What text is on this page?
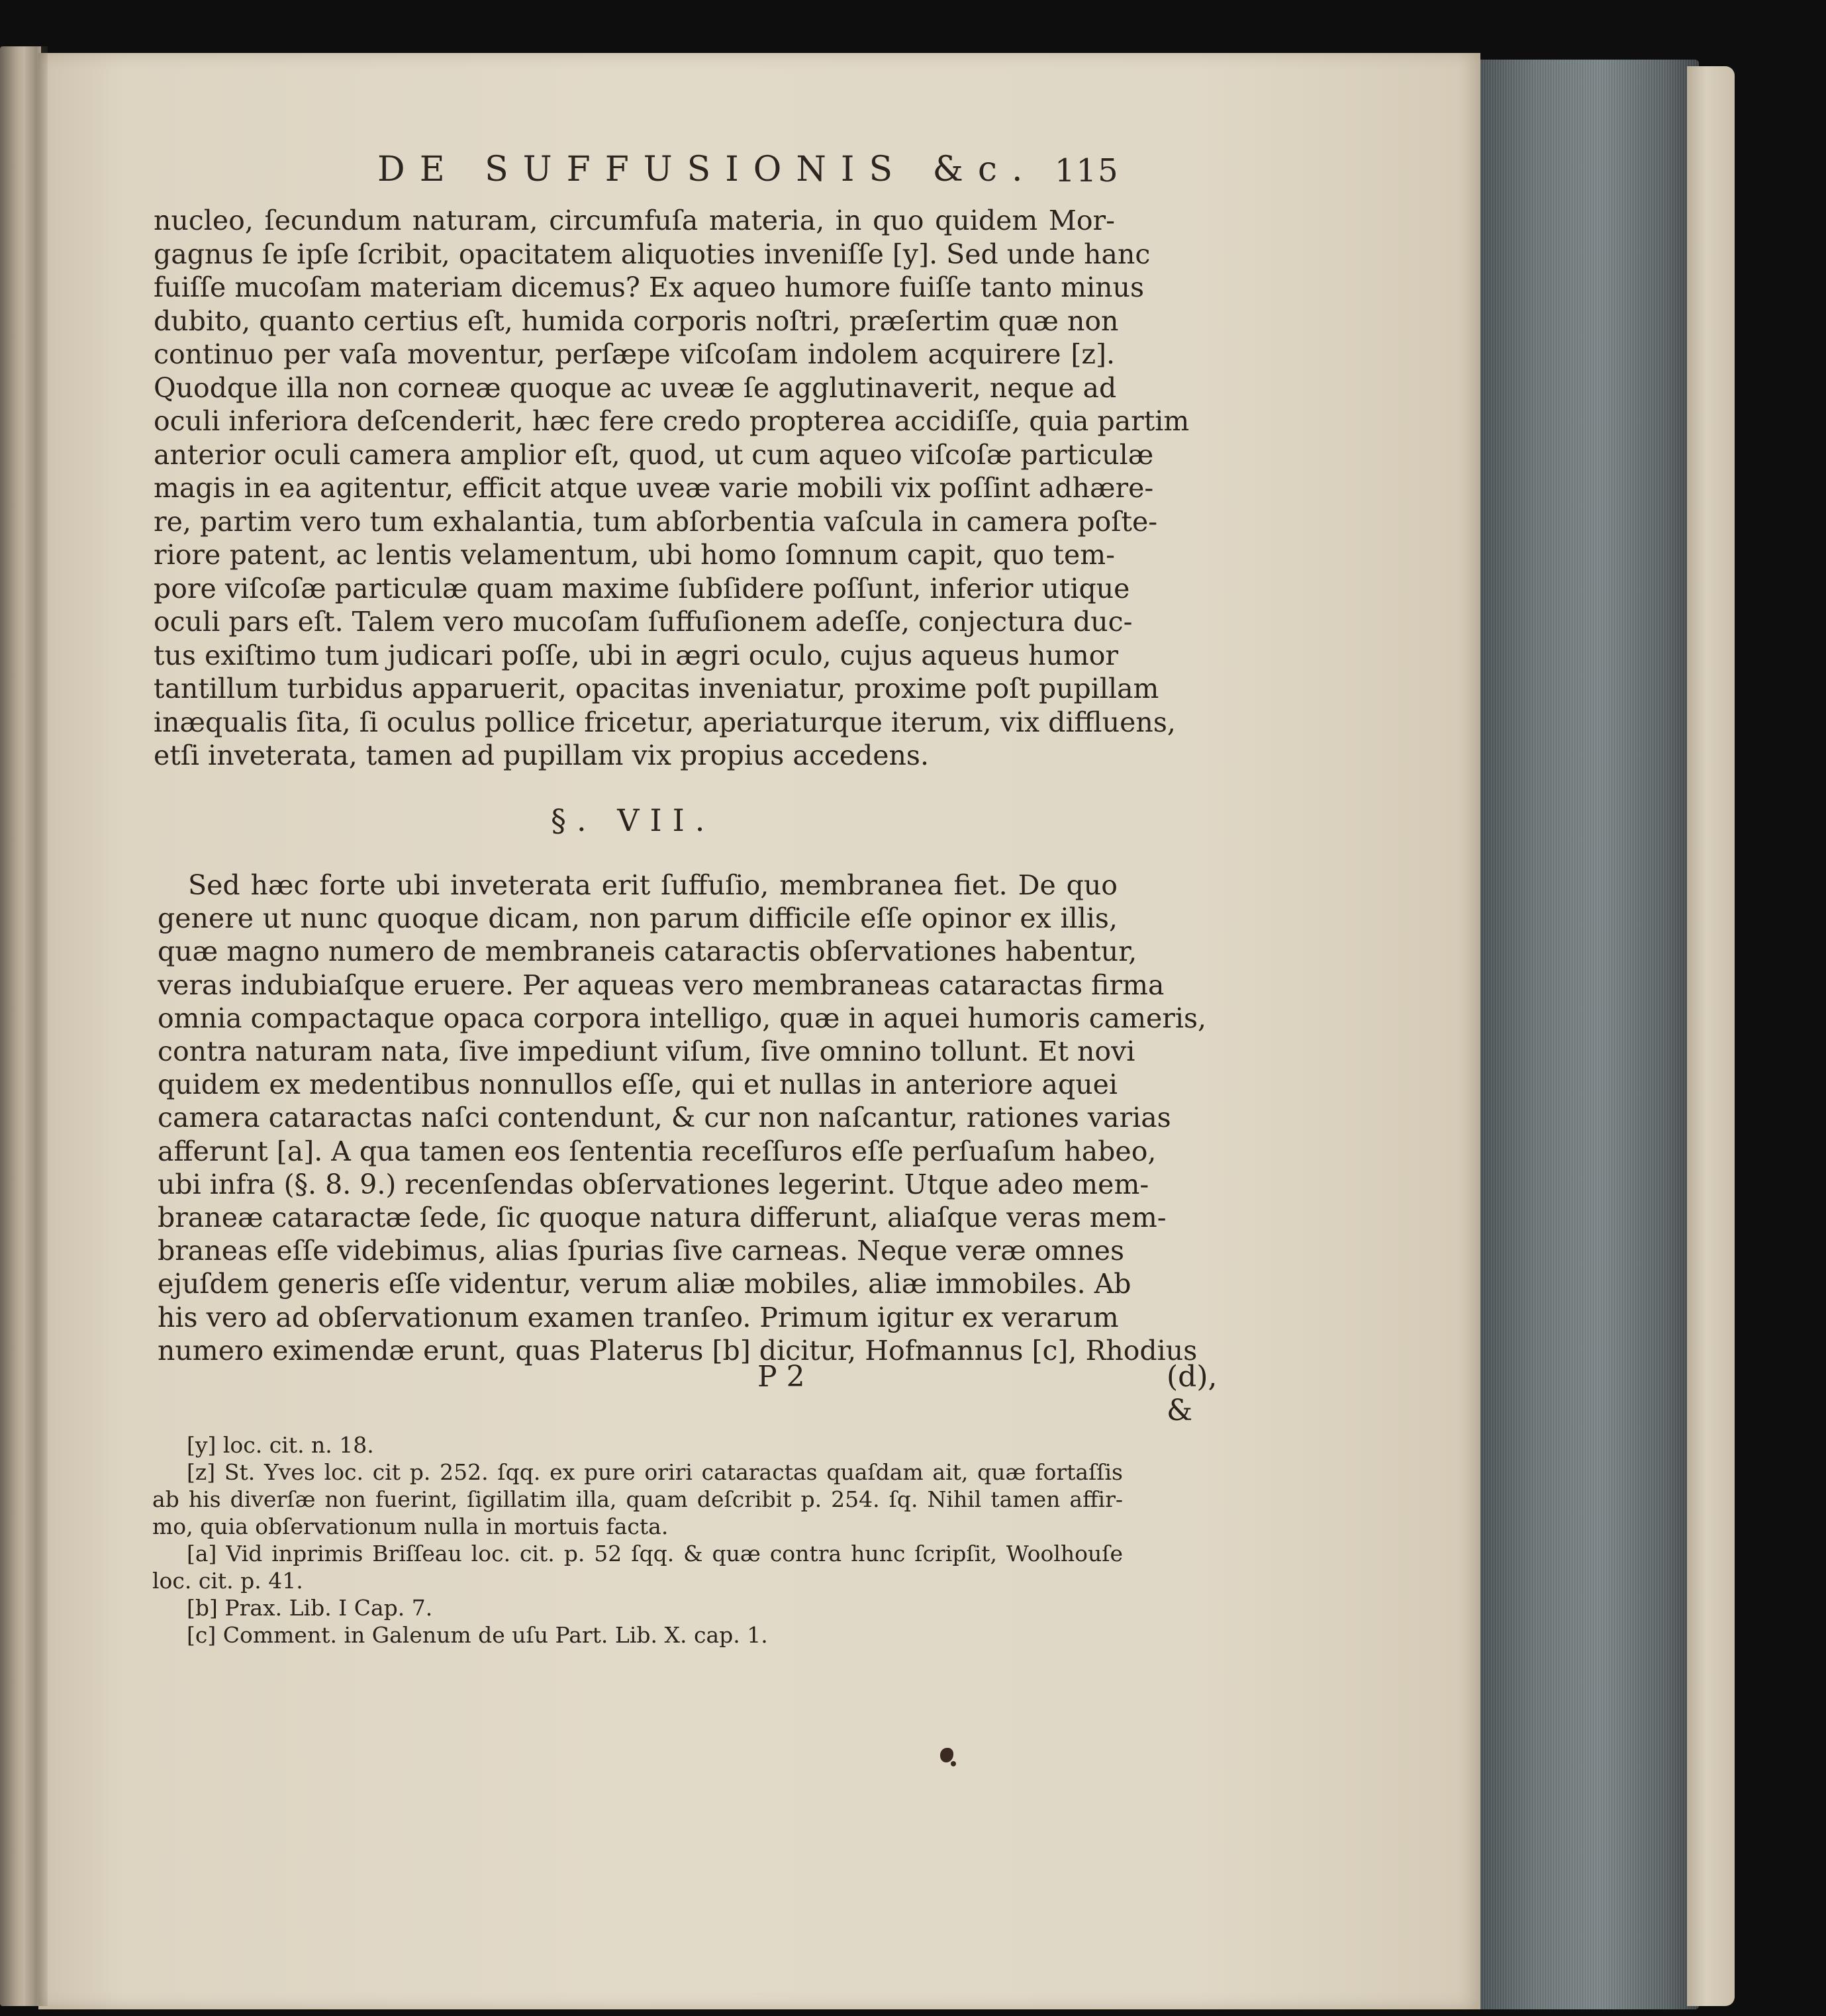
DE SUFFUSIONIS &c. 115

nucleo, ſecundum naturam, circumfuſa materia, in quo quidem Mor-
gagnus ſe ipſe ſcribit, opacitatem aliquoties inveniſſe [y]. Sed unde hanc
fuiſſe mucoſam materiam dicemus? Ex aqueo humore fuiſſe tanto minus
dubito, quanto certius eſt, humida corporis noſtri, præſertim quæ non
continuo per vaſa moventur, perſæpe viſcoſam indolem acquirere [z].
Quodque illa non corneæ quoque ac uveæ ſe agglutinaverit, neque ad
oculi inferiora deſcenderit, hæc fere credo propterea accidiſſe, quia partim
anterior oculi camera amplior eſt, quod, ut cum aqueo viſcoſæ particulæ
magis in ea agitentur, efficit atque uveæ varie mobili vix poſſint adhære-
re, partim vero tum exhalantia, tum abſorbentia vaſcula in camera poſte-
riore patent, ac lentis velamentum, ubi homo ſomnum capit, quo tem-
pore viſcoſæ particulæ quam maxime ſubſidere poſſunt, inferior utique
oculi pars eſt. Talem vero mucoſam ſuffuſionem adeſſe, conjectura duc-
tus exiſtimo tum judicari poſſe, ubi in ægri oculo, cujus aqueus humor
tantillum turbidus apparuerit, opacitas inveniatur, proxime poſt pupillam
inæqualis ſita, ſi oculus pollice fricetur, aperiaturque iterum, vix diffluens,
etſi inveterata, tamen ad pupillam vix propius accedens.

§. VII.
Sed hæc forte ubi inveterata erit ſuffuſio, membranea fiet. De quo
genere ut nunc quoque dicam, non parum difficile eſſe opinor ex illis,
quæ magno numero de membraneis cataractis obſervationes habentur,
veras indubiaſque eruere. Per aqueas vero membraneas cataractas firma
omnia compactaque opaca corpora intelligo, quæ in aquei humoris cameris,
contra naturam nata, ſive impediunt viſum, ſive omnino tollunt. Et novi
quidem ex medentibus nonnullos eſſe, qui et nullas in anteriore aquei
camera cataractas naſci contendunt, & cur non naſcantur, rationes varias
afferunt [a]. A qua tamen eos ſententia receſſuros eſſe perſuaſum habeo,
ubi infra (§. 8. 9.) recenſendas obſervationes legerint. Utque adeo mem-
braneæ cataractæ ſede, ſic quoque natura differunt, aliaſque veras mem-
braneas eſſe videbimus, alias ſpurias ſive carneas. Neque veræ omnes
ejuſdem generis eſſe videntur, verum aliæ mobiles, aliæ immobiles. Ab
his vero ad obſervationum examen tranſeo. Primum igitur ex verarum
numero eximendæ erunt, quas Platerus [b] dicitur, Hofmannus [c], Rhodius
P 2	(d), &
[y] loc. cit. n. 18.
[z] St. Yves loc. cit p. 252. ſqq. ex pure oriri cataractas quaſdam ait, quæ fortaſſis
ab his diverſæ non fuerint, ſigillatim illa, quam deſcribit p. 254. ſq. Nihil tamen affir-
mo, quia obſervationum nulla in mortuis facta.
[a] Vid inprimis Briſſeau loc. cit. p. 52 ſqq. & quæ contra hunc ſcripſit, Woolhouſe
loc. cit. p. 41.
[b] Prax. Lib. I Cap. 7.
[c] Comment. in Galenum de uſu Part. Lib. X. cap. 1.
